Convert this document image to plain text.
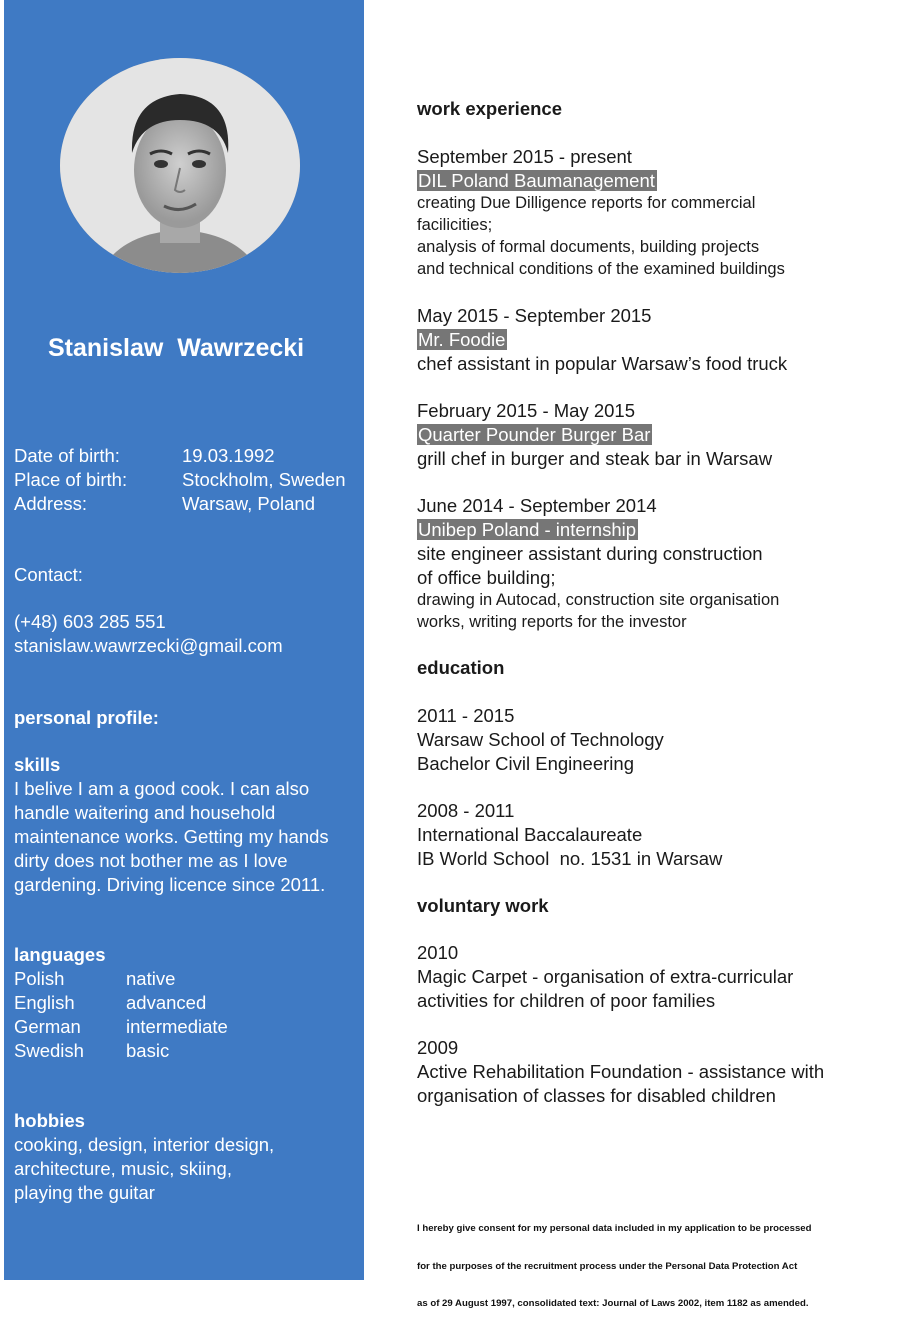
Stanislaw  Wawrzecki
Date of birth:	19.03.1992
Place of birth:	Stockholm, Sweden
Address:	Warsaw, Poland
Contact:
(+48) 603 285 551
stanislaw.wawrzecki@gmail.com
personal profile:
skills
I belive I am a good cook. I can also
handle waitering and household
maintenance works. Getting my hands
dirty does not bother me as I love
gardening. Driving licence since 2011.
languages
Polish	native
English	advanced
German intermediate
Swedish basic
hobbies
cooking, design, interior design,
architecture, music, skiing,
playing the guitar
work experience
September 2015 - present
DIL Poland Baumanagement
creating Due Dilligence reports for commercial
facilicities;
analysis of formal documents, building projects
and technical conditions of the examined buildings
May 2015 - September 2015
Mr. Foodie
chef assistant in popular Warsaw’s food truck
February 2015 - May 2015
Quarter Pounder Burger Bar
grill chef in burger and steak bar in Warsaw
June 2014 - September 2014
Unibep Poland - internship
site engineer assistant during construction
of office building;
drawing in Autocad, construction site organisation
works, writing reports for the investor
education
2011 - 2015
Warsaw School of Technology
Bachelor Civil Engineering
2008 - 2011
International Baccalaureate
IB World School  no. 1531 in Warsaw
voluntary work
2010
Magic Carpet - organisation of extra-curricular
activities for children of poor families
2009
Active Rehabilitation Foundation - assistance with
organisation of classes for disabled children

I hereby give consent for my personal data included in my application to be processed

for the purposes of the recruitment process under the Personal Data Protection Act

as of 29 August 1997, consolidated text: Journal of Laws 2002, item 1182 as amended.
